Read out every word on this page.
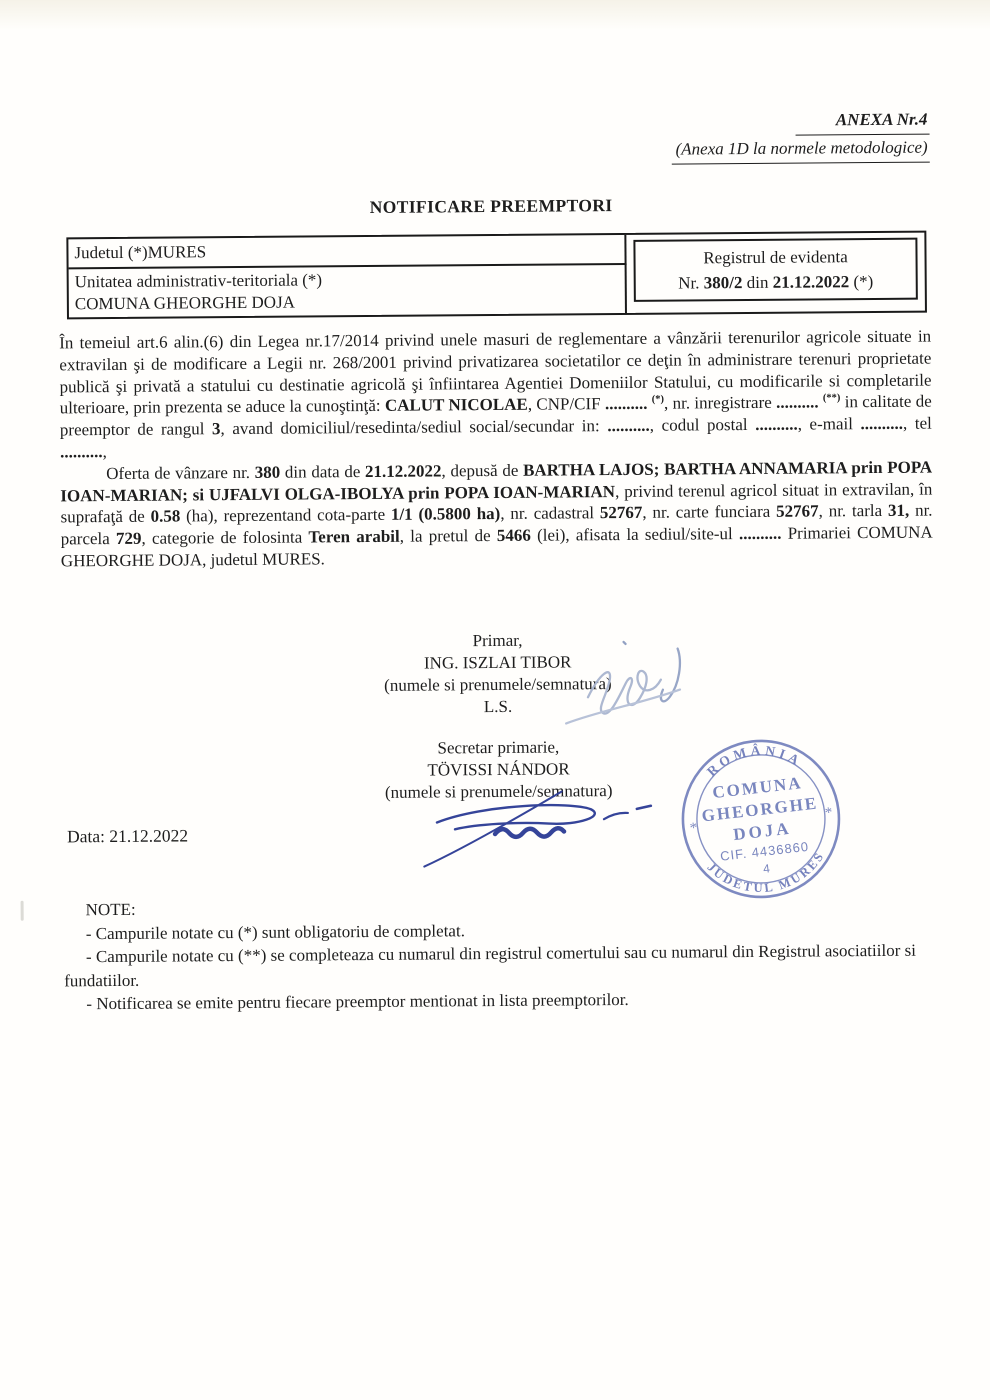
ANEXA Nr.4
(Anexa 1D la normele metodologice)
NOTIFICARE PREEMPTORI
Judetul (*)MURES
Unitatea administrativ-teritoriala (*)
COMUNA GHEORGHE DOJA
Registrul de evidenta
Nr. 380/2 din 21.12.2022 (*)

În temeiul art.6 alin.(6) din Legea nr.17/2014 privind unele masuri de reglementare a vânzării terenurilor agricole situate in extravilan şi de modificare a Legii nr. 268/2001 privind privatizarea societatilor ce deţin în administrare terenuri proprietate publică şi privată a statului cu destinatie agricolă şi înfiintarea Agentiei Domeniilor Statului, cu modificarile si completarile ulterioare, prin prezenta se aduce la cunoştinţă: CALUT NICOLAE, CNP/CIF .......... (*), nr. inregistrare .......... (**) in calitate de preemptor de rangul 3, avand domiciliul/resedinta/sediul social/secundar in: .........., codul postal .........., e-mail .........., tel ..........,

Oferta de vânzare nr. 380 din data de 21.12.2022, depusă de BARTHA LAJOS; BARTHA ANNAMARIA prin POPA IOAN-MARIAN; si UJFALVI OLGA-IBOLYA prin POPA IOAN-MARIAN, privind terenul agricol situat in extravilan, în suprafaţă de 0.58 (ha), reprezentand cota-parte 1/1 (0.5800 ha), nr. cadastral 52767, nr. carte funciara 52767, nr. tarla 31, nr. parcela 729, categorie de folosinta Teren arabil, la pretul de 5466 (lei), afisata la sediul/site-ul .......... Primariei COMUNA GHEORGHE DOJA, judetul MURES.

Primar,
ING. ISZLAI TIBOR
(numele si prenumele/semnatura)
L.S.
Secretar primarie,
TÖVISSI NÁNDOR
(numele si prenumele/semnatura)
ROMÂNIA
JUDETUL MURES
COMUNA
GHEORGHE
DOJA
CIF. 4436860
4
*
*
Data: 21.12.2022

NOTE:

- Campurile notate cu (*) sunt obligatoriu de completat.

- Campurile notate cu (**) se completeaza cu numarul din registrul comertului sau cu numarul din Registrul asociatiilor si fundatiilor.

- Notificarea se emite pentru fiecare preemptor mentionat in lista preemptorilor.
